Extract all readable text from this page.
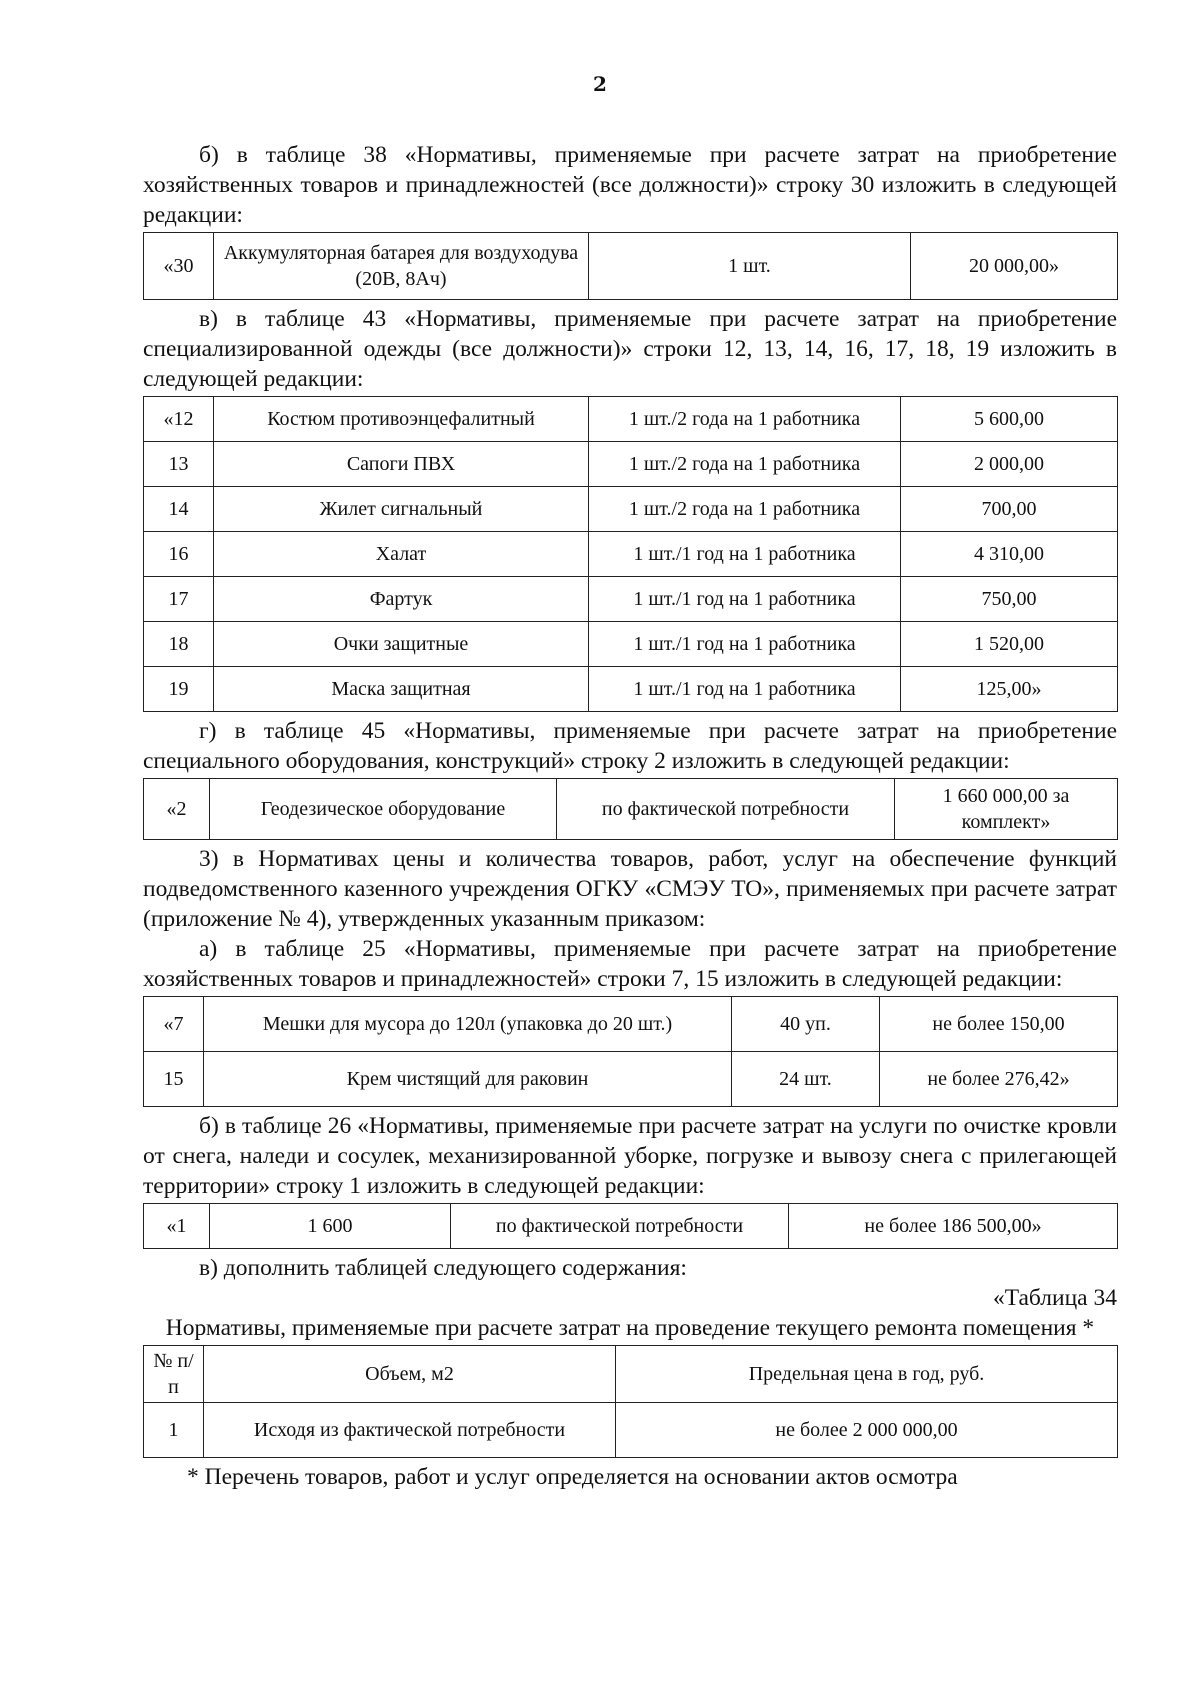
2

б) в таблице 38 «Нормативы, применяемые при расчете затрат на приобретение хозяйственных товаров и принадлежностей (все должности)» строку 30 изложить в следующей редакции:

«30	Аккумуляторная батарея для воздуходува (20В, 8Ач)	1 шт.	20 000,00»

в) в таблице 43 «Нормативы, применяемые при расчете затрат на приобретение специализированной одежды (все должности)» строки 12, 13, 14, 16, 17, 18, 19 изложить в следующей редакции:

«12	Костюм противоэнцефалитный	1 шт./2 года на 1 работника	5 600,00
13	Сапоги ПВХ	1 шт./2 года на 1 работника	2 000,00
14	Жилет сигнальный	1 шт./2 года на 1 работника	700,00
16	Халат	1 шт./1 год на 1 работника	4 310,00
17	Фартук	1 шт./1 год на 1 работника	750,00
18	Очки защитные	1 шт./1 год на 1 работника	1 520,00
19	Маска защитная	1 шт./1 год на 1 работника	125,00»

г) в таблице 45 «Нормативы, применяемые при расчете затрат на приобретение специального оборудования, конструкций» строку 2 изложить в следующей редакции:

«2	Геодезическое оборудование	по фактической потребности	1 660 000,00 за комплект»

3) в Нормативах цены и количества товаров, работ, услуг на обеспечение функций подведомственного казенного учреждения ОГКУ «СМЭУ ТО», применяемых при расчете затрат (приложение № 4), утвержденных указанным приказом:

а) в таблице 25 «Нормативы, применяемые при расчете затрат на приобретение хозяйственных товаров и принадлежностей» строки 7, 15 изложить в следующей редакции:

«7	Мешки для мусора до 120л (упаковка до 20 шт.)	40 уп.	не более 150,00
15	Крем чистящий для раковин	24 шт.	не более 276,42»

б) в таблице 26 «Нормативы, применяемые при расчете затрат на услуги по очистке кровли от снега, наледи и сосулек, механизированной уборке, погрузке и вывозу снега с прилегающей территории» строку 1 изложить в следующей редакции:

«1	1 600	по фактической потребности	не более 186 500,00»

в) дополнить таблицей следующего содержания:

«Таблица 34

Нормативы, применяемые при расчете затрат на проведение текущего ремонта помещения *

№ п/п	Объем, м2	Предельная цена в год, руб.
1	Исходя из фактической потребности	не более 2 000 000,00

* Перечень товаров, работ и услуг определяется на основании актов осмотра
